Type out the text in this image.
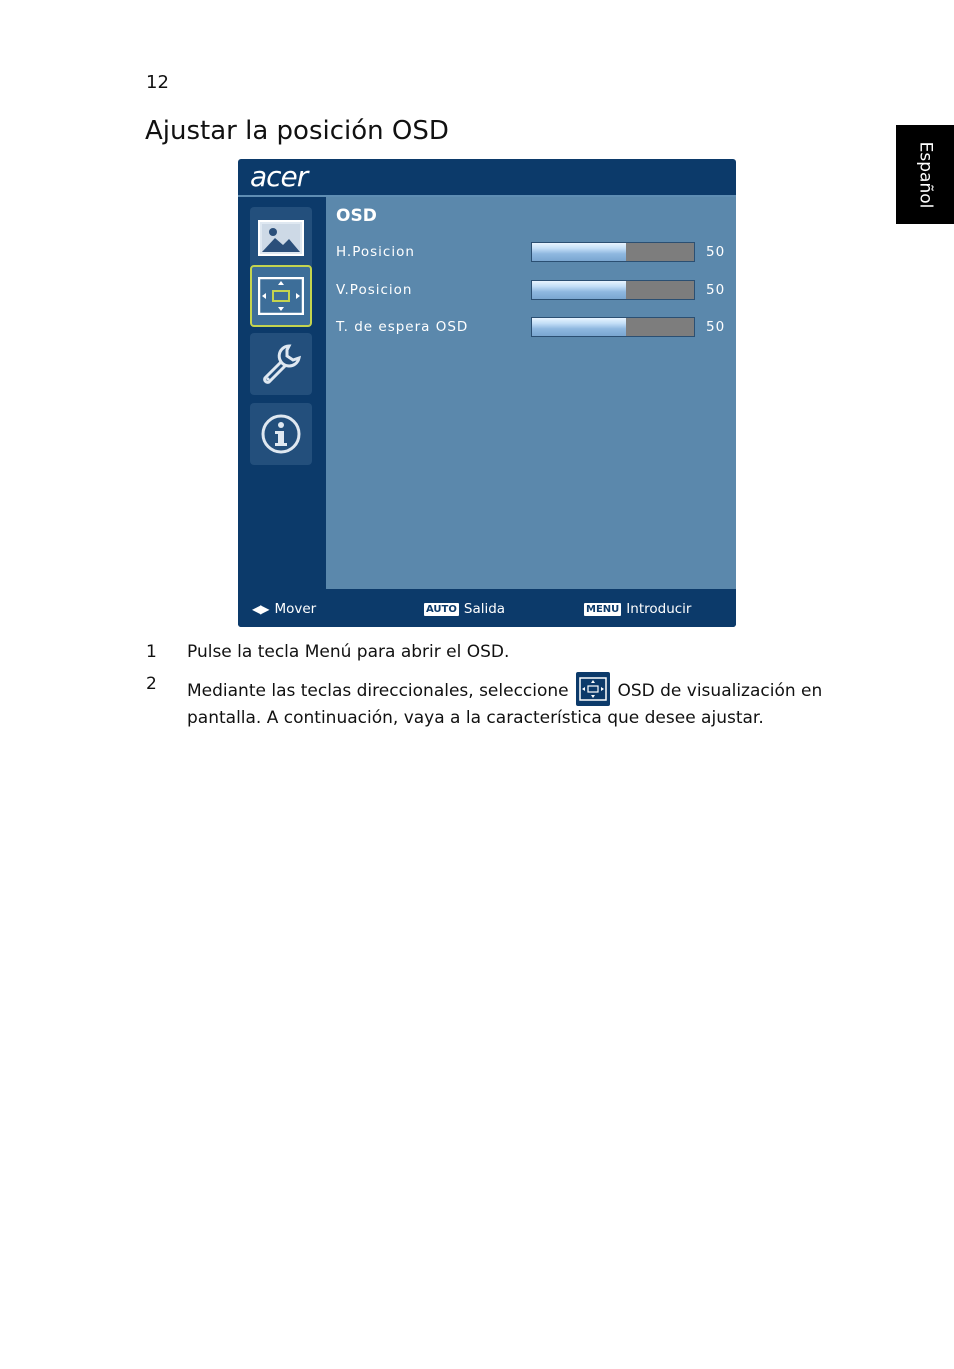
12
Ajustar la posición OSD
Español
acer
OSD
H.Posicion	50
V.Posicion	50
T. de espera OSD	50
◀▶ Mover	AUTO Salida	MENU Introducir
1 Pulse la tecla Menú para abrir el OSD.
2 Mediante las teclas direccionales, seleccione	OSD de visualización en pantalla. A continuación, vaya a la característica que desee ajustar.
